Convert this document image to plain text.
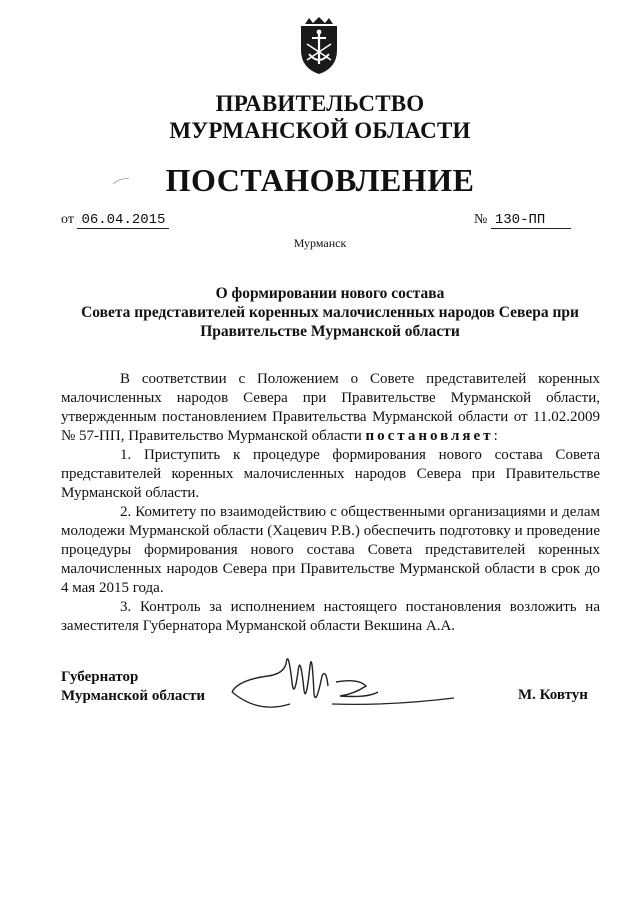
ПРАВИТЕЛЬСТВО
МУРМАНСКОЙ ОБЛАСТИ
ПОСТАНОВЛЕНИЕ
от 06.04.2015	№ 130-ПП
Мурманск
О формировании нового состава
Совета представителей коренных малочисленных народов Севера при
Правительстве Мурманской области

В соответствии с Положением о Совете представителей коренных малочисленных народов Севера при Правительстве Мурманской области, утвержденным постановлением Правительства Мурманской области от 11.02.2009 № 57-ПП, Правительство Мурманской области постановляет:

1. Приступить к процедуре формирования нового состава Совета представителей коренных малочисленных народов Севера при Правительстве Мурманской области.

2. Комитету по взаимодействию с общественными организациями и делам молодежи Мурманской области (Хацевич Р.В.) обеспечить подготовку и проведение процедуры формирования нового состава Совета представителей коренных малочисленных народов Севера при Правительстве Мурманской области в срок до 4 мая 2015 года.

3. Контроль за исполнением настоящего постановления возложить на заместителя Губернатора Мурманской области Векшина А.А.

Губернатор
Мурманской области	М. Ковтун
